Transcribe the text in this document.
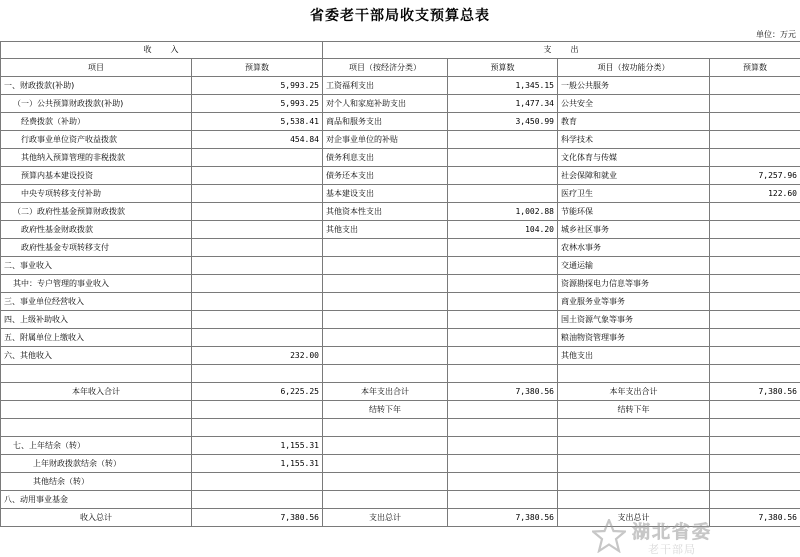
省委老干部局收支预算总表
单位：万元
收　　入		支　　出			
项目	预算数	项目（按经济分类）	预算数	项目（按功能分类）	预算数
一、财政拨款(补助)	5,993.25	工资福利支出	1,345.15	一般公共服务	
（一）公共预算财政拨款(补助)	5,993.25	对个人和家庭补助支出	1,477.34	公共安全	
经费拨款（补助）	5,538.41	商品和服务支出	3,450.99	教育	
行政事业单位资产收益拨款	454.84	对企事业单位的补贴		科学技术	
其他纳入预算管理的非税拨款		债务利息支出		文化体育与传媒	
预算内基本建设投资		债务还本支出		社会保障和就业	7,257.96
中央专项转移支付补助		基本建设支出		医疗卫生	122.60
（二）政府性基金预算财政拨款		其他资本性支出	1,002.88	节能环保	
政府性基金财政拨款		其他支出	104.20	城乡社区事务	
政府性基金专项转移支付				农林水事务	
二、事业收入				交通运输	
其中：专户管理的事业收入				资源勘探电力信息等事务	
三、事业单位经营收入				商业服务业等事务	
四、上级补助收入				国土资源气象等事务	
五、附属单位上缴收入				粮油物资管理事务	
六、其他收入	232.00			其他支出	

本年收入合计	6,225.25	本年支出合计	7,380.56	本年支出合计	7,380.56
		结转下年		结转下年	

七、上年结余（转）	1,155.31				
上年财政拨款结余（转）	1,155.31				
其他结余（转）					
八、动用事业基金					
收入总计	7,380.56	支出总计	7,380.56	支出总计	7,380.56
湖北省委
老干部局
